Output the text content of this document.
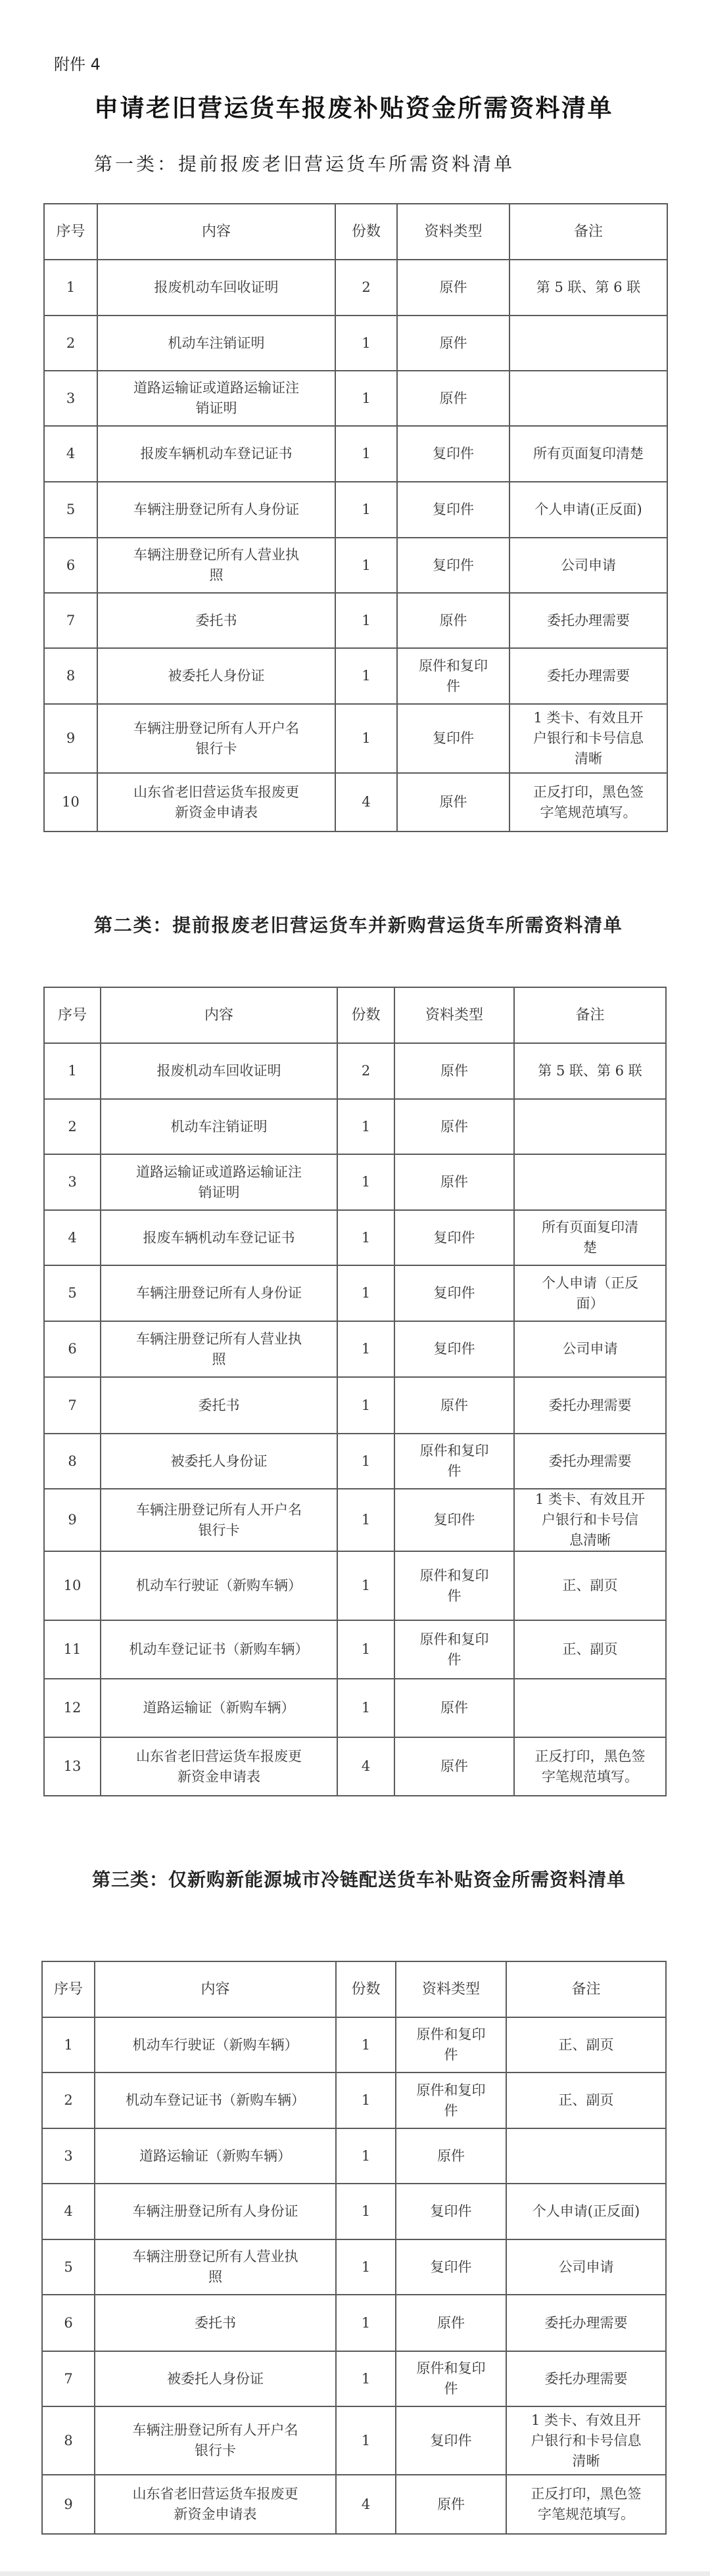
附件 4
申请老旧营运货车报废补贴资金所需资料清单
第一类：提前报废老旧营运货车所需资料清单
序号	内容	份数	资料类型	备注
1	报废机动车回收证明	2	原件	第 5 联、第 6 联

2	机动车注销证明	1	原件	

3	道路运输证或道路运输证注
销证明	1	原件	

4	报废车辆机动车登记证书	1	复印件	所有页面复印清楚

5	车辆注册登记所有人身份证	1	复印件	个人申请(正反面)

6	车辆注册登记所有人营业执
照	1	复印件	公司申请

7	委托书	1	原件	委托办理需要

8	被委托人身份证	1	原件和复印
件	委托办理需要

9	车辆注册登记所有人开户名
银行卡	1	复印件	1 类卡、有效且开
户银行和卡号信息
清晰

10	山东省老旧营运货车报废更
新资金申请表	4	原件	正反打印，黑色签
字笔规范填写。
第二类：提前报废老旧营运货车并新购营运货车所需资料清单
序号	内容	份数	资料类型	备注
1	报废机动车回收证明	2	原件	第 5 联、第 6 联

2	机动车注销证明	1	原件	

3	道路运输证或道路运输证注
销证明	1	原件	

4	报废车辆机动车登记证书	1	复印件	所有页面复印清
楚

5	车辆注册登记所有人身份证	1	复印件	个人申请（正反
面）

6	车辆注册登记所有人营业执
照	1	复印件	公司申请

7	委托书	1	原件	委托办理需要

8	被委托人身份证	1	原件和复印
件	委托办理需要

9	车辆注册登记所有人开户名
银行卡	1	复印件	1 类卡、有效且开
户银行和卡号信
息清晰

10	机动车行驶证（新购车辆）	1	原件和复印
件	正、副页

11	机动车登记证书（新购车辆）	1	原件和复印
件	正、副页

12	道路运输证（新购车辆）	1	原件	

13	山东省老旧营运货车报废更
新资金申请表	4	原件	正反打印，黑色签
字笔规范填写。
第三类：仅新购新能源城市冷链配送货车补贴资金所需资料清单
序号	内容	份数	资料类型	备注
1	机动车行驶证（新购车辆）	1	原件和复印
件	正、副页

2	机动车登记证书（新购车辆）	1	原件和复印
件	正、副页

3	道路运输证（新购车辆）	1	原件	

4	车辆注册登记所有人身份证	1	复印件	个人申请(正反面)

5	车辆注册登记所有人营业执
照	1	复印件	公司申请

6	委托书	1	原件	委托办理需要

7	被委托人身份证	1	原件和复印
件	委托办理需要

8	车辆注册登记所有人开户名
银行卡	1	复印件	1 类卡、有效且开
户银行和卡号信息
清晰

9	山东省老旧营运货车报废更
新资金申请表	4	原件	正反打印，黑色签
字笔规范填写。
